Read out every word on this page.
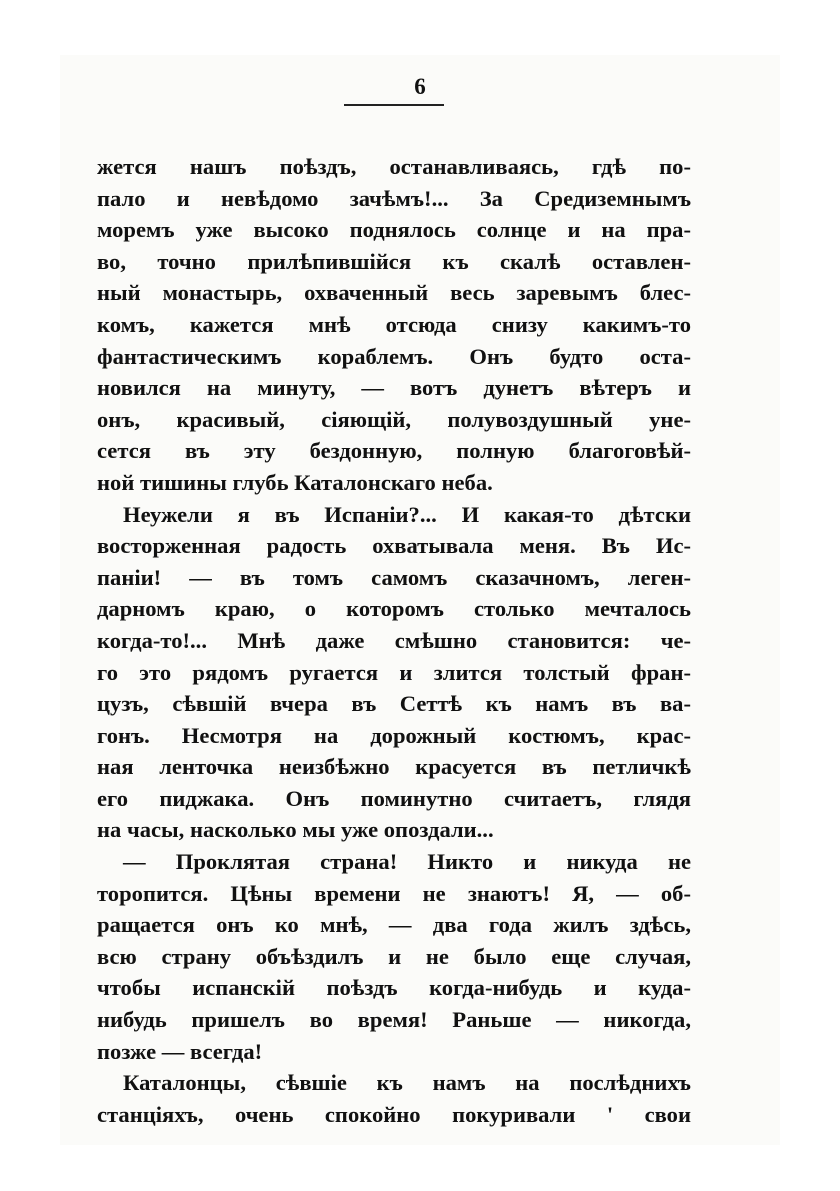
6
жется нашъ поѣздъ, останавливаясь, гдѣ по-
пало и невѣдомо зачѣмъ!... За Средиземнымъ
моремъ уже высоко поднялось солнце и на пра-
во, точно прилѣпившійся къ скалѣ оставлен-
ный монастырь, охваченный весь заревымъ блес-
комъ, кажется мнѣ отсюда снизу какимъ-то
фантастическимъ кораблемъ. Онъ будто оста-
новился на минуту, — вотъ дунетъ вѣтеръ и
онъ, красивый, сіяющій, полувоздушный унe-
сется въ эту бездонную, полную благоговѣй-
ной тишины глубь Каталонскаго неба.
Неужели я въ Испаніи?... И какая-то дѣтски
восторженная радость охватывала меня. Въ Ис-
паніи! — въ томъ самомъ сказачномъ, леген-
дарномъ краю, о которомъ столько мечталось
когда-то!... Мнѣ даже смѣшно становится: че-
го это рядомъ ругается и злится толстый фран-
цузъ, сѣвшій вчера въ Сеттѣ къ намъ въ ва-
гонъ. Несмотря на дорожный костюмъ, крас-
ная ленточка неизбѣжно красуется въ петличкѣ
его пиджака. Онъ поминутно считаетъ, глядя
на часы, насколько мы уже опоздали...
— Проклятая страна! Никто и никуда не
торопится. Цѣны времени не знаютъ! Я, — об-
ращается онъ ко мнѣ, — два года жилъ здѣсь,
всю страну объѣздилъ и не было еще случая,
чтобы испанскій поѣздъ когда-нибудь и куда-
нибудь пришелъ во время! Раньше — никогда,
позже — всегда!
Каталонцы, сѣвшіе къ намъ на послѣднихъ
станціяхъ, очень спокойно покуривали ' свои
